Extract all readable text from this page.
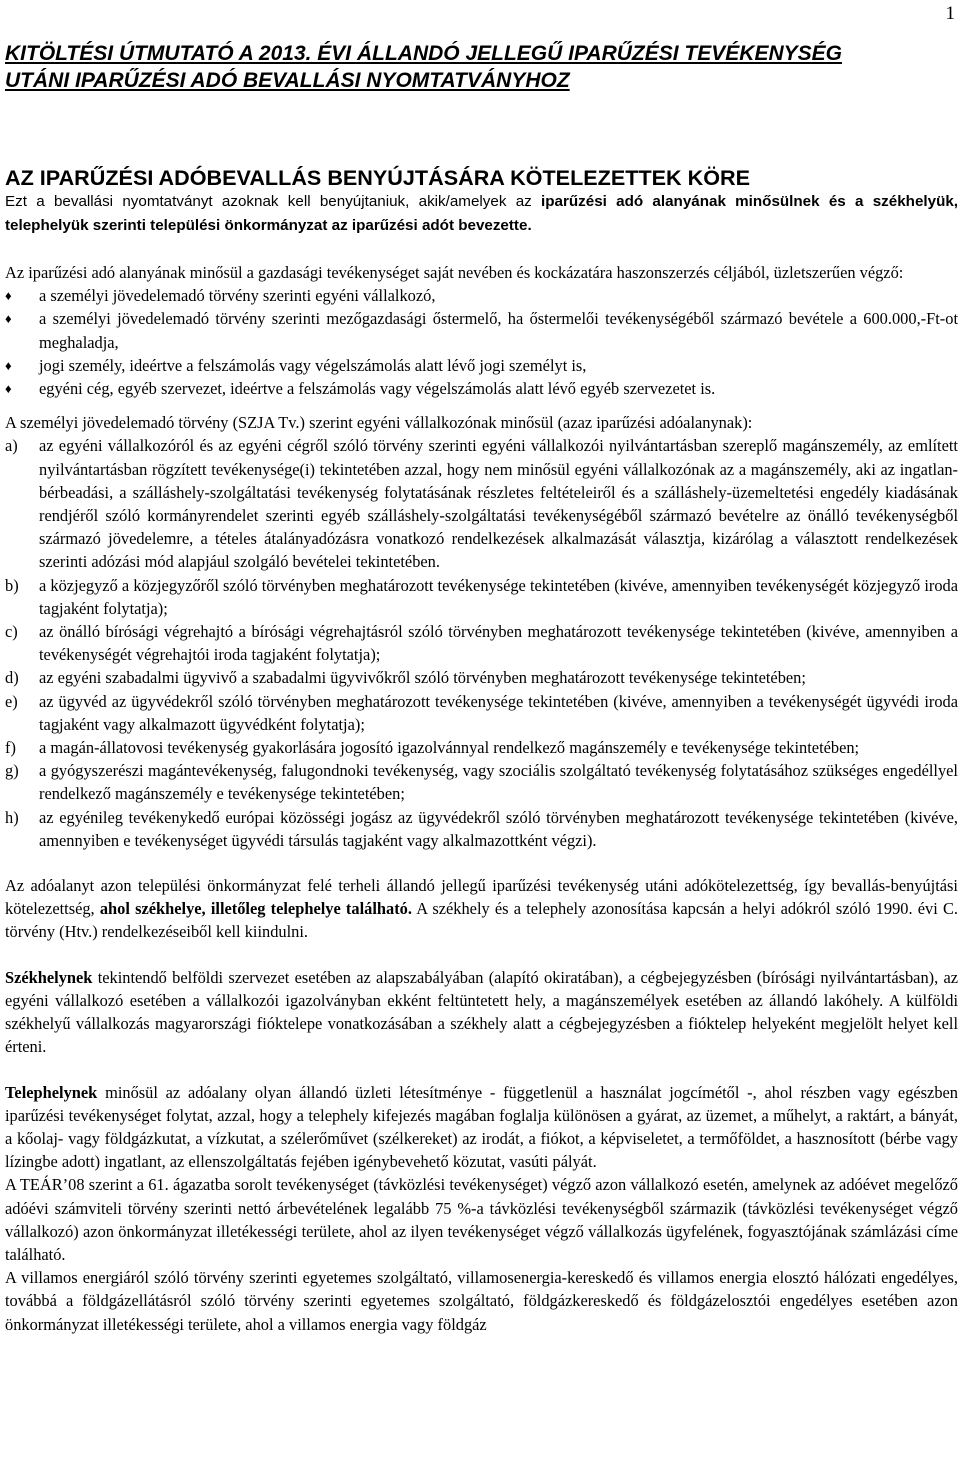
1
KITÖLTÉSI ÚTMUTATÓ A 2013. ÉVI ÁLLANDÓ JELLEGŰ IPARŰZÉSI TEVÉKENYSÉG
UTÁNI IPARŰZÉSI ADÓ BEVALLÁSI NYOMTATVÁNYHOZ
AZ IPARŰZÉSI ADÓBEVALLÁS BENYÚJTÁSÁRA KÖTELEZETTEK KÖRE

Ezt a bevallási nyomtatványt azoknak kell benyújtaniuk, akik/amelyek az iparűzési adó alanyának minősülnek és a székhelyük, telephelyük szerinti települési önkormányzat az iparűzési adót bevezette.

Az iparűzési adó alanyának minősül a gazdasági tevékenységet saját nevében és kockázatára haszonszerzés céljából, üzletszerűen végző:

♦ a személyi jövedelemadó törvény szerinti egyéni vállalkozó,
♦ a személyi jövedelemadó törvény szerinti mezőgazdasági őstermelő, ha őstermelői tevékenységéből származó bevétele a 600.000,-Ft-ot meghaladja,
♦ jogi személy, ideértve a felszámolás vagy végelszámolás alatt lévő jogi személyt is,
♦ egyéni cég, egyéb szervezet, ideértve a felszámolás vagy végelszámolás alatt lévő egyéb szervezetet is.

A személyi jövedelemadó törvény (SZJA Tv.) szerint egyéni vállalkozónak minősül (azaz iparűzési adóalanynak):

a) az egyéni vállalkozóról és az egyéni cégről szóló törvény szerinti egyéni vállalkozói nyilvántartásban szereplő magánszemély, az említett nyilvántartásban rögzített tevékenysége(i) tekintetében azzal, hogy nem minősül egyéni vállalkozónak az a magánszemély, aki az ingatlan-bérbeadási, a szálláshely-szolgáltatási tevékenység folytatásának részletes feltételeiről és a szálláshely-üzemeltetési engedély kiadásának rendjéről szóló kormányrendelet szerinti egyéb szálláshely-szolgáltatási tevékenységéből származó bevételre az önálló tevékenységből származó jövedelemre, a tételes átalányadózásra vonatkozó rendelkezések alkalmazását választja, kizárólag a választott rendelkezések szerinti adózási mód alapjául szolgáló bevételei tekintetében.
b) a közjegyző a közjegyzőről szóló törvényben meghatározott tevékenysége tekintetében (kivéve, amennyiben tevékenységét közjegyző iroda tagjaként folytatja);
c) az önálló bírósági végrehajtó a bírósági végrehajtásról szóló törvényben meghatározott tevékenysége tekintetében (kivéve, amennyiben a tevékenységét végrehajtói iroda tagjaként folytatja);
d) az egyéni szabadalmi ügyvivő a szabadalmi ügyvivőkről szóló törvényben meghatározott tevékenysége tekintetében;
e) az ügyvéd az ügyvédekről szóló törvényben meghatározott tevékenysége tekintetében (kivéve, amennyiben a tevékenységét ügyvédi iroda tagjaként vagy alkalmazott ügyvédként folytatja);
f) a magán-állatovosi tevékenység gyakorlására jogosító igazolvánnyal rendelkező magánszemély e tevékenysége tekintetében;
g) a gyógyszerészi magántevékenység, falugondnoki tevékenység, vagy szociális szolgáltató tevékenység folytatásához szükséges engedéllyel rendelkező magánszemély e tevékenysége tekintetében;
h) az egyénileg tevékenykedő európai közösségi jogász az ügyvédekről szóló törvényben meghatározott tevékenysége tekintetében (kivéve, amennyiben e tevékenységet ügyvédi társulás tagjaként vagy alkalmazottként végzi).

Az adóalanyt azon települési önkormányzat felé terheli állandó jellegű iparűzési tevékenység utáni adókötelezettség, így bevallás-benyújtási kötelezettség, ahol székhelye, illetőleg telephelye található. A székhely és a telephely azonosítása kapcsán a helyi adókról szóló 1990. évi C. törvény (Htv.) rendelkezéseiből kell kiindulni.

Székhelynek tekintendő belföldi szervezet esetében az alapszabályában (alapító okiratában), a cégbejegyzésben (bírósági nyilvántartásban), az egyéni vállalkozó esetében a vállalkozói igazolványban ekként feltüntetett hely, a magánszemélyek esetében az állandó lakóhely. A külföldi székhelyű vállalkozás magyarországi fióktelepe vonatkozásában a székhely alatt a cégbejegyzésben a fióktelep helyeként megjelölt helyet kell érteni.

Telephelynek minősül az adóalany olyan állandó üzleti létesítménye - függetlenül a használat jogcímétől -, ahol részben vagy egészben iparűzési tevékenységet folytat, azzal, hogy a telephely kifejezés magában foglalja különösen a gyárat, az üzemet, a műhelyt, a raktárt, a bányát, a kőolaj- vagy földgázkutat, a vízkutat, a szélerőművet (szélkereket) az irodát, a fiókot, a képviseletet, a termőföldet, a hasznosított (bérbe vagy lízingbe adott) ingatlant, az ellenszolgáltatás fejében igénybevehető közutat, vasúti pályát.

A TEÁR’08 szerint a 61. ágazatba sorolt tevékenységet (távközlési tevékenységet) végző azon vállalkozó esetén, amelynek az adóévet megelőző adóévi számviteli törvény szerinti nettó árbevételének legalább 75 %-a távközlési tevékenységből származik (távközlési tevékenységet végző vállalkozó) azon önkormányzat illetékességi területe, ahol az ilyen tevékenységet végző vállalkozás ügyfelének, fogyasztójának számlázási címe található.

A villamos energiáról szóló törvény szerinti egyetemes szolgáltató, villamosenergia-kereskedő és villamos energia elosztó hálózati engedélyes, továbbá a földgázellátásról szóló törvény szerinti egyetemes szolgáltató, földgázkereskedő és földgázelosztói engedélyes esetében azon önkormányzat illetékességi területe, ahol a villamos energia vagy földgáz
